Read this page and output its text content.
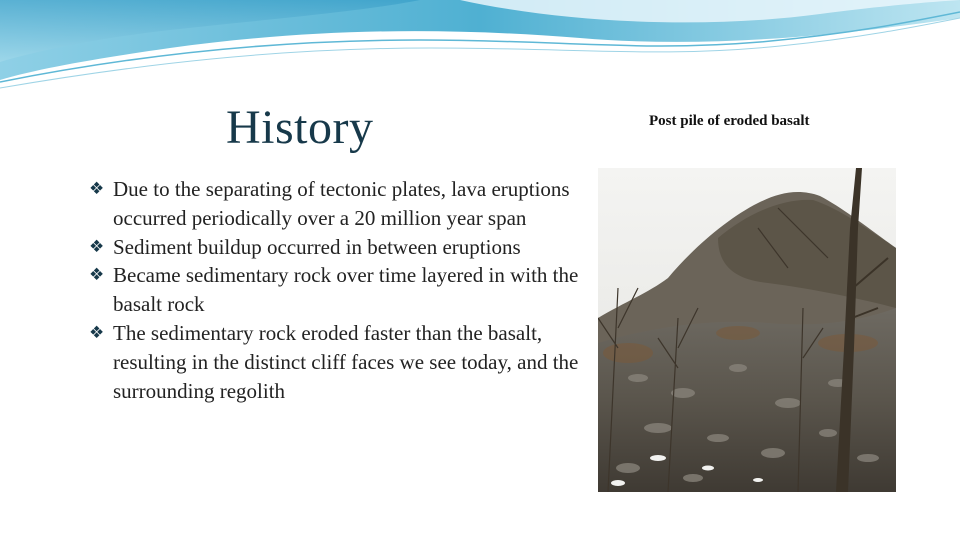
History
❖ Due to the separating of tectonic plates, lava eruptions occurred periodically over a 20 million year span
❖ Sediment buildup occurred in between eruptions
❖ Became sedimentary rock over time layered in with the basalt rock
❖ The sedimentary rock eroded faster than the basalt, resulting in the distinct cliff faces we see today, and the surrounding regolith
Post pile of eroded basalt
